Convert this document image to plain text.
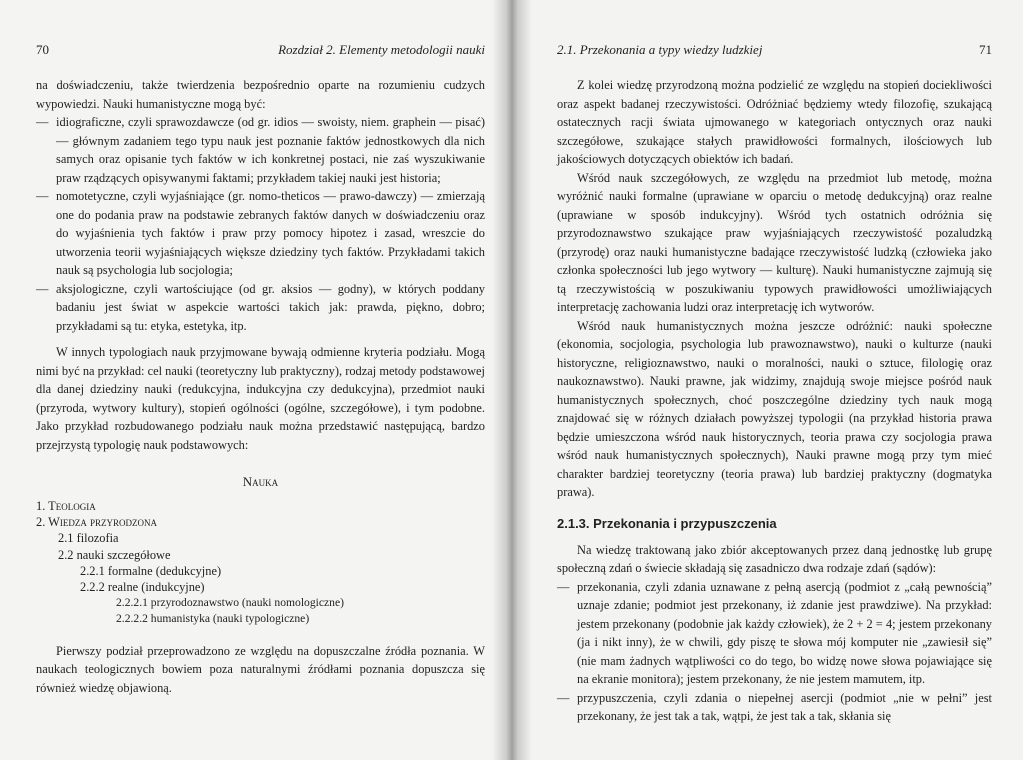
70	Rozdział 2. Elementy metodologii nauki

na doświadczeniu, także twierdzenia bezpośrednio oparte na rozumieniu cudzych wypowiedzi. Nauki humanistyczne mogą być:

— idiograficzne, czyli sprawozdawcze (od gr. idios — swoisty, niem. graphein — pisać) — głównym zadaniem tego typu nauk jest poznanie faktów jednostkowych dla nich samych oraz opisanie tych faktów w ich konkretnej postaci, nie zaś wyszukiwanie praw rządzących opisywanymi faktami; przykładem takiej nauki jest historia;
— nomotetyczne, czyli wyjaśniające (gr. nomo-theticos — prawo-dawczy) — zmierzają one do podania praw na podstawie zebranych faktów danych w doświadczeniu oraz do wyjaśnienia tych faktów i praw przy pomocy hipotez i zasad, wreszcie do utworzenia teorii wyjaśniających większe dziedziny tych faktów. Przykładami takich nauk są psychologia lub socjologia;
— aksjologiczne, czyli wartościujące (od gr. aksios — godny), w których poddany badaniu jest świat w aspekcie wartości takich jak: prawda, piękno, dobro; przykładami są tu: etyka, estetyka, itp.

W innych typologiach nauk przyjmowane bywają odmienne kryteria podziału. Mogą nimi być na przykład: cel nauki (teoretyczny lub praktyczny), rodzaj metody podstawowej dla danej dziedziny nauki (redukcyjna, indukcyjna czy dedukcyjna), przedmiot nauki (przyroda, wytwory kultury), stopień ogólności (ogólne, szczegółowe), i tym podobne. Jako przykład rozbudowanego podziału nauk można przedstawić następującą, bardzo przejrzystą typologię nauk podstawowych:

Nauka
1. Teologia
2. Wiedza przyrodzona
2.1 filozofia
2.2 nauki szczegółowe
2.2.1 formalne (dedukcyjne)
2.2.2 realne (indukcyjne)
2.2.2.1 przyrodoznawstwo (nauki nomologiczne)
2.2.2.2 humanistyka (nauki typologiczne)

Pierwszy podział przeprowadzono ze względu na dopuszczalne źródła poznania. W naukach teologicznych bowiem poza naturalnymi źródłami poznania dopuszcza się również wiedzę objawioną.

2.1. Przekonania a typy wiedzy ludzkiej	71

Z kolei wiedzę przyrodzoną można podzielić ze względu na stopień dociekliwości oraz aspekt badanej rzeczywistości. Odróżniać będziemy wtedy filozofię, szukającą ostatecznych racji świata ujmowanego w kategoriach ontycznych oraz nauki szczegółowe, szukające stałych prawidłowości formalnych, ilościowych lub jakościowych dotyczących obiektów ich badań.

Wśród nauk szczegółowych, ze względu na przedmiot lub metodę, można wyróżnić nauki formalne (uprawiane w oparciu o metodę dedukcyjną) oraz realne (uprawiane w sposób indukcyjny). Wśród tych ostatnich odróżnia się przyrodoznawstwo szukające praw wyjaśniających rzeczywistość pozaludzką (przyrodę) oraz nauki humanistyczne badające rzeczywistość ludzką (człowieka jako członka społeczności lub jego wytwory — kulturę). Nauki humanistyczne zajmują się tą rzeczywistością w poszukiwaniu typowych prawidłowości umożliwiających interpretację zachowania ludzi oraz interpretację ich wytworów.

Wśród nauk humanistycznych można jeszcze odróżnić: nauki społeczne (ekonomia, socjologia, psychologia lub prawoznawstwo), nauki o kulturze (nauki historyczne, religioznawstwo, nauki o moralności, nauki o sztuce, filologię oraz naukoznawstwo). Nauki prawne, jak widzimy, znajdują swoje miejsce pośród nauk humanistycznych społecznych, choć poszczególne dziedziny tych nauk mogą znajdować się w różnych działach powyższej typologii (na przykład historia prawa będzie umieszczona wśród nauk historycznych, teoria prawa czy socjologia prawa wśród nauk humanistycznych społecznych), Nauki prawne mogą przy tym mieć charakter bardziej teoretyczny (teoria prawa) lub bardziej praktyczny (dogmatyka prawa).

2.1.3. Przekonania i przypuszczenia

Na wiedzę traktowaną jako zbiór akceptowanych przez daną jednostkę lub grupę społeczną zdań o świecie składają się zasadniczo dwa rodzaje zdań (sądów):

— przekonania, czyli zdania uznawane z pełną asercją (podmiot z „całą pewnością” uznaje zdanie; podmiot jest przekonany, iż zdanie jest prawdziwe). Na przykład: jestem przekonany (podobnie jak każdy człowiek), że 2 + 2 = 4; jestem przekonany (ja i nikt inny), że w chwili, gdy piszę te słowa mój komputer nie „zawiesił się” (nie mam żadnych wątpliwości co do tego, bo widzę nowe słowa pojawiające się na ekranie monitora); jestem przekonany, że nie jestem mamutem, itp.
— przypuszczenia, czyli zdania o niepełnej asercji (podmiot „nie w pełni” jest przekonany, że jest tak a tak, wątpi, że jest tak a tak, skłania się
